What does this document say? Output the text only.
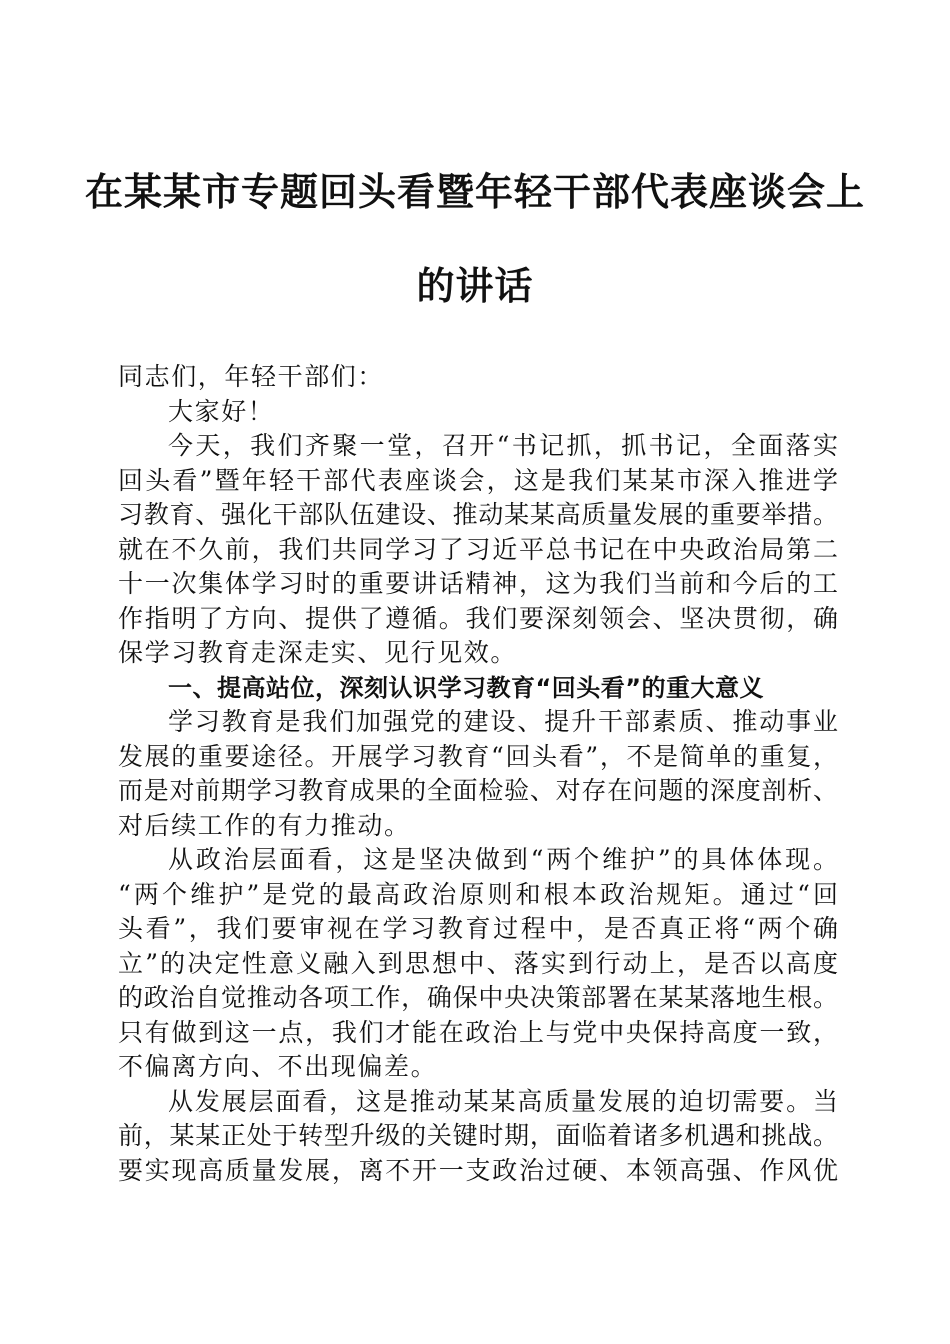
在某某市专题回头看暨年轻干部代表座谈会上
的讲话
同志们，年轻干部们：
大家好！
今天，我们齐聚一堂，召开“书记抓，抓书记，全面落实
回头看”暨年轻干部代表座谈会，这是我们某某市深入推进学
习教育、强化干部队伍建设、推动某某高质量发展的重要举措。
就在不久前，我们共同学习了习近平总书记在中央政治局第二
十一次集体学习时的重要讲话精神，这为我们当前和今后的工
作指明了方向、提供了遵循。我们要深刻领会、坚决贯彻，确
保学习教育走深走实、见行见效。
一、提高站位，深刻认识学习教育“回头看”的重大意义
学习教育是我们加强党的建设、提升干部素质、推动事业
发展的重要途径。开展学习教育“回头看”，不是简单的重复，
而是对前期学习教育成果的全面检验、对存在问题的深度剖析、
对后续工作的有力推动。
从政治层面看，这是坚决做到“两个维护”的具体体现。
“两个维护”是党的最高政治原则和根本政治规矩。通过“回
头看”，我们要审视在学习教育过程中，是否真正将“两个确
立”的决定性意义融入到思想中、落实到行动上，是否以高度
的政治自觉推动各项工作，确保中央决策部署在某某落地生根。
只有做到这一点，我们才能在政治上与党中央保持高度一致，
不偏离方向、不出现偏差。
从发展层面看，这是推动某某高质量发展的迫切需要。当
前，某某正处于转型升级的关键时期，面临着诸多机遇和挑战。
要实现高质量发展，离不开一支政治过硬、本领高强、作风优
